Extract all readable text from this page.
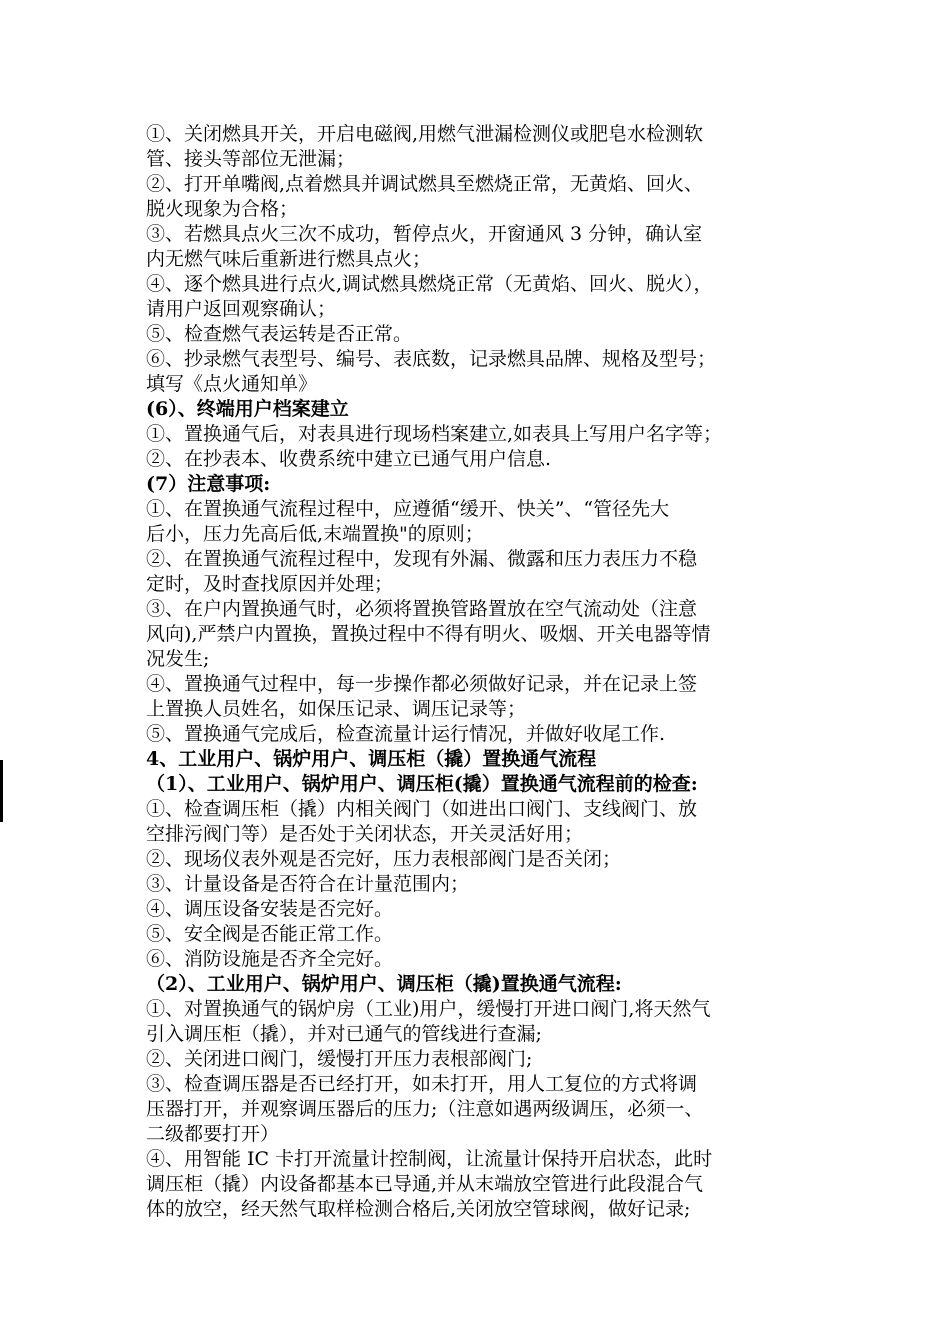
①、关闭燃具开关，开启电磁阀,用燃气泄漏检测仪或肥皂水检测软
管、接头等部位无泄漏；
②、打开单嘴阀,点着燃具并调试燃具至燃烧正常，无黄焰、回火、
脱火现象为合格；
③、若燃具点火三次不成功，暂停点火，开窗通风 3 分钟，确认室
内无燃气味后重新进行燃具点火；
④、逐个燃具进行点火,调试燃具燃烧正常（无黄焰、回火、脱火），
请用户返回观察确认；
⑤、检查燃气表运转是否正常。
⑥、抄录燃气表型号、编号、表底数，记录燃具品牌、规格及型号；
填写《点火通知单》
(6）、终端用户档案建立
①、置换通气后，对表具进行现场档案建立,如表具上写用户名字等；
②、在抄表本、收费系统中建立已通气用户信息.
(7）注意事项:
①、在置换通气流程过程中，应遵循“缓开、快关”、“管径先大
后小，压力先高后低,末端置换"的原则；
②、在置换通气流程过程中，发现有外漏、微露和压力表压力不稳
定时，及时查找原因并处理；
③、在户内置换通气时，必须将置换管路置放在空气流动处（注意
风向),严禁户内置换，置换过程中不得有明火、吸烟、开关电器等情
况发生;
④、置换通气过程中，每一步操作都必须做好记录，并在记录上签
上置换人员姓名，如保压记录、调压记录等；
⑤、置换通气完成后，检查流量计运行情况，并做好收尾工作.
4、工业用户、锅炉用户、调压柜（撬）置换通气流程
（1）、工业用户、锅炉用户、调压柜(撬）置换通气流程前的检查:
①、检查调压柜（撬）内相关阀门（如进出口阀门、支线阀门、放
空排污阀门等）是否处于关闭状态，开关灵活好用；
②、现场仪表外观是否完好，压力表根部阀门是否关闭；
③、计量设备是否符合在计量范围内；
④、调压设备安装是否完好。
⑤、安全阀是否能正常工作。
⑥、消防设施是否齐全完好。
（2）、工业用户、锅炉用户、调压柜（撬)置换通气流程:
①、对置换通气的锅炉房（工业)用户，缓慢打开进口阀门,将天然气
引入调压柜（撬），并对已通气的管线进行查漏;
②、关闭进口阀门，缓慢打开压力表根部阀门;
③、检查调压器是否已经打开，如未打开，用人工复位的方式将调
压器打开，并观察调压器后的压力;（注意如遇两级调压，必须一、
二级都要打开）
④、用智能 IC 卡打开流量计控制阀，让流量计保持开启状态，此时
调压柜（撬）内设备都基本已导通,并从末端放空管进行此段混合气
体的放空，经天然气取样检测合格后,关闭放空管球阀，做好记录;
